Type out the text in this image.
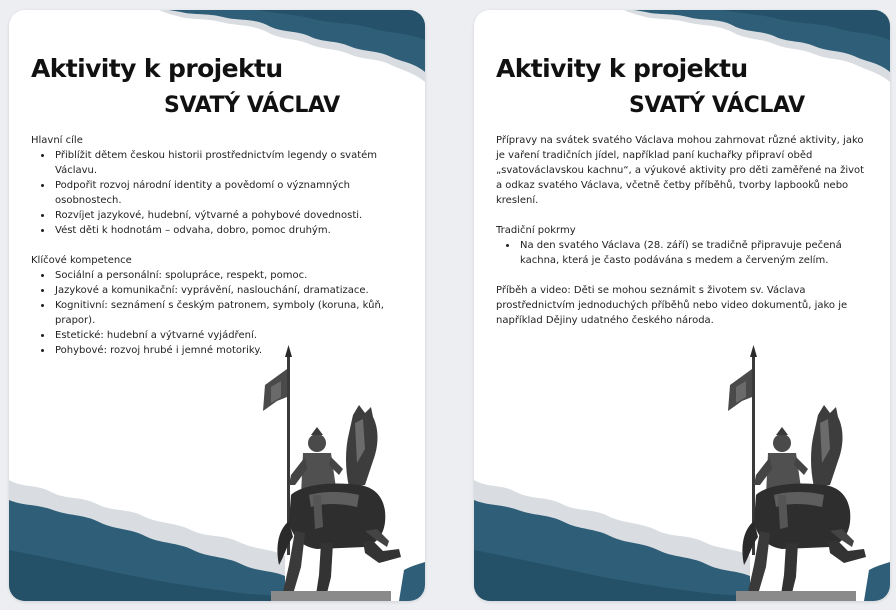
Aktivity k projektu
SVATÝ VÁCLAV

Hlavní cíle

• Přiblížit dětem českou historii prostřednictvím legendy o svatém Václavu.
• Podpořit rozvoj národní identity a povědomí o významných osobnostech.
• Rozvíjet jazykové, hudební, výtvarné a pohybové dovednosti.
• Vést děti k hodnotám – odvaha, dobro, pomoc druhým.

Klíčové kompetence

• Sociální a personální: spolupráce, respekt, pomoc.
• Jazykové a komunikační: vyprávění, naslouchání, dramatizace.
• Kognitivní: seznámení s českým patronem, symboly (koruna, kůň, prapor).
• Estetické: hudební a výtvarné vyjádření.
• Pohybové: rozvoj hrubé i jemné motoriky.
Aktivity k projektu
SVATÝ VÁCLAV

Přípravy na svátek svatého Václava mohou zahrnovat různé aktivity, jako je vaření tradičních jídel, například paní kuchařky připraví oběd „svatováclavskou kachnu“, a výukové aktivity pro děti zaměřené na život a odkaz svatého Václava, včetně četby příběhů, tvorby lapbooků nebo kreslení.

Tradiční pokrmy

• Na den svatého Václava (28. září) se tradičně připravuje pečená kachna, která je často podávána s medem a červeným zelím.

Příběh a video: Děti se mohou seznámit s životem sv. Václava prostřednictvím jednoduchých příběhů nebo video dokumentů, jako je například Dějiny udatného českého národa.
